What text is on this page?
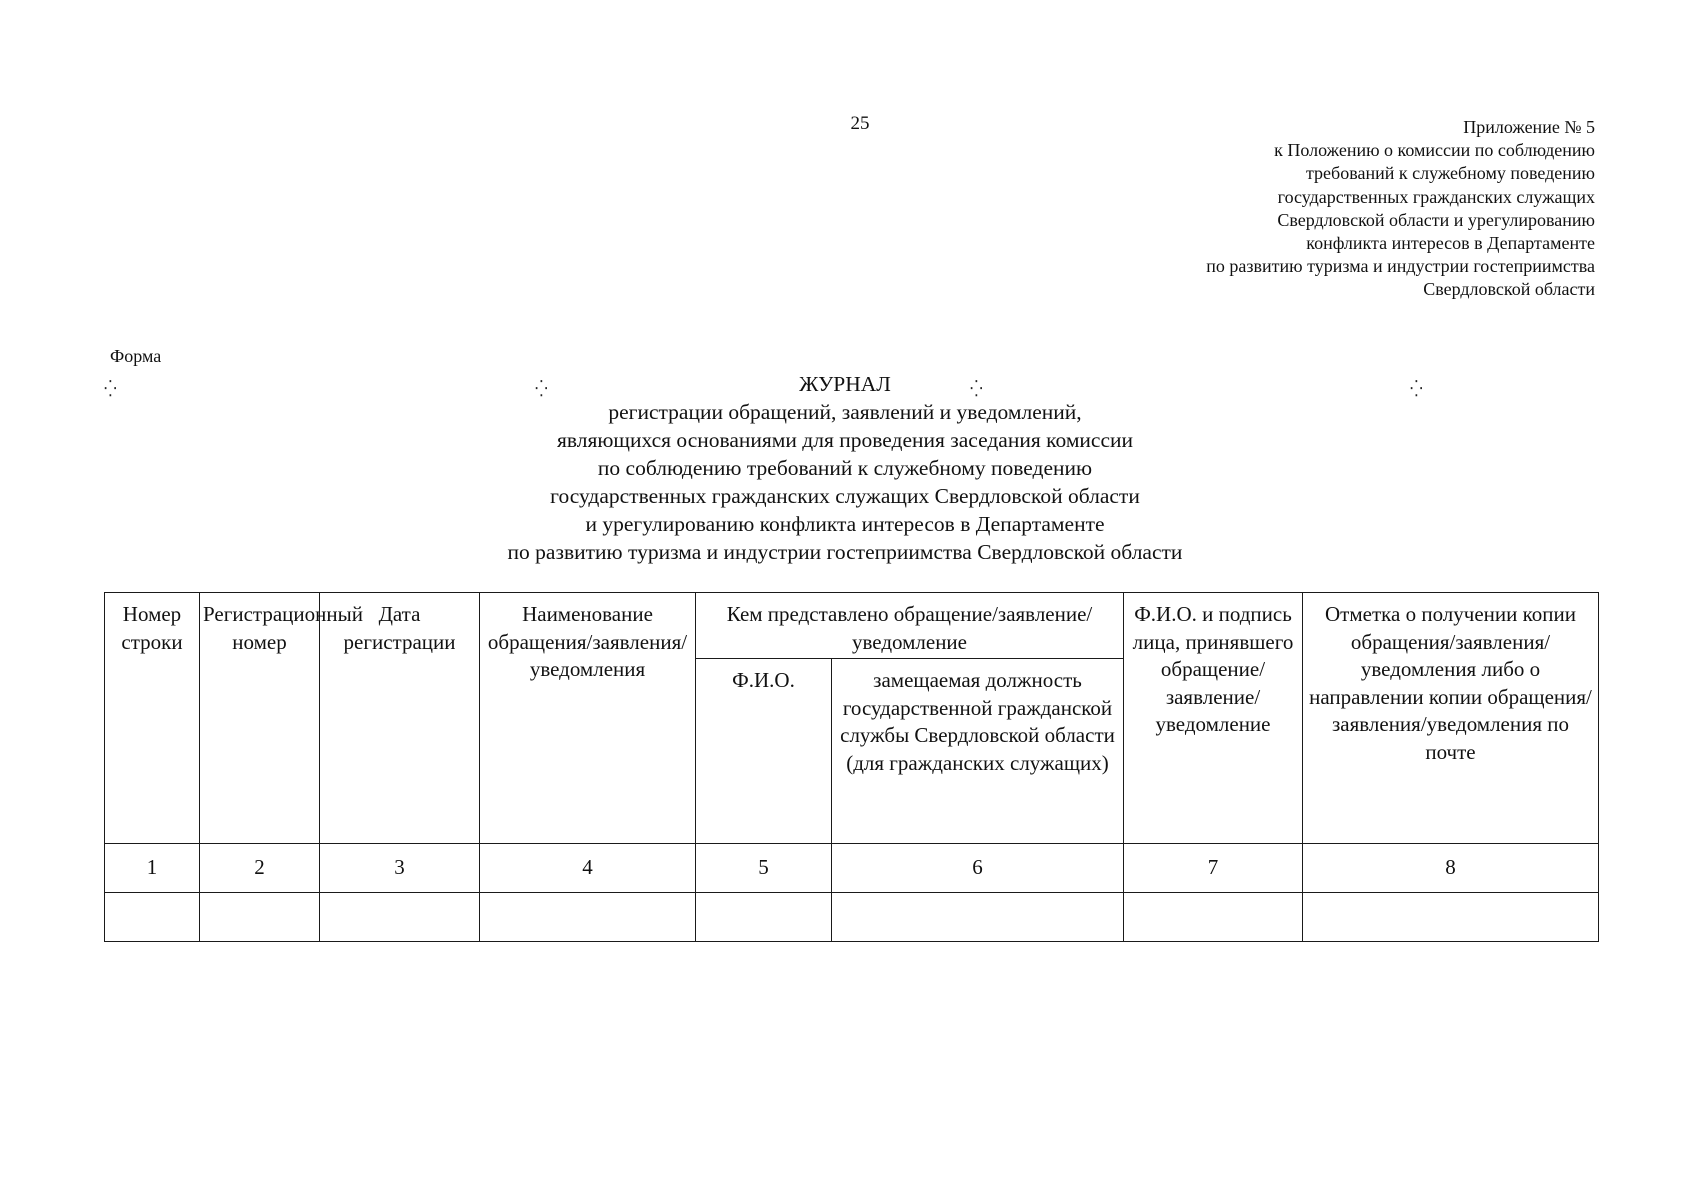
25	Приложение № 5
к Положению о комиссии по соблюдению
требований к служебному поведению
государственных гражданских служащих
Свердловской области и урегулированию
конфликта интересов в Департаменте
по развитию туризма и индустрии гостеприимства
Свердловской области
Форма
⁛	⁛	⁛	⁛
ЖУРНАЛ
регистрации обращений, заявлений и уведомлений,
являющихся основаниями для проведения заседания комиссии
по соблюдению требований к служебному поведению
государственных гражданских служащих Свердловской области
и урегулированию конфликта интересов в Департаменте
по развитию туризма и индустрии гостеприимства Свердловской области
Номер строки	Регистрационный номер	Дата регистрации	Наименование обращения/заявления/уведомления	Кем представлено обращение/заявление/уведомление		Ф.И.О. и подпись лица, принявшего обращение/заявление/уведомление	Отметка о получении копии обращения/заявления/уведомления либо о направлении копии обращения/заявления/уведомления по почте
				Ф.И.О.	замещаемая должность государственной гражданской службы Свердловской области (для гражданских служащих)		
1	2	3	4	5	6	7	8
